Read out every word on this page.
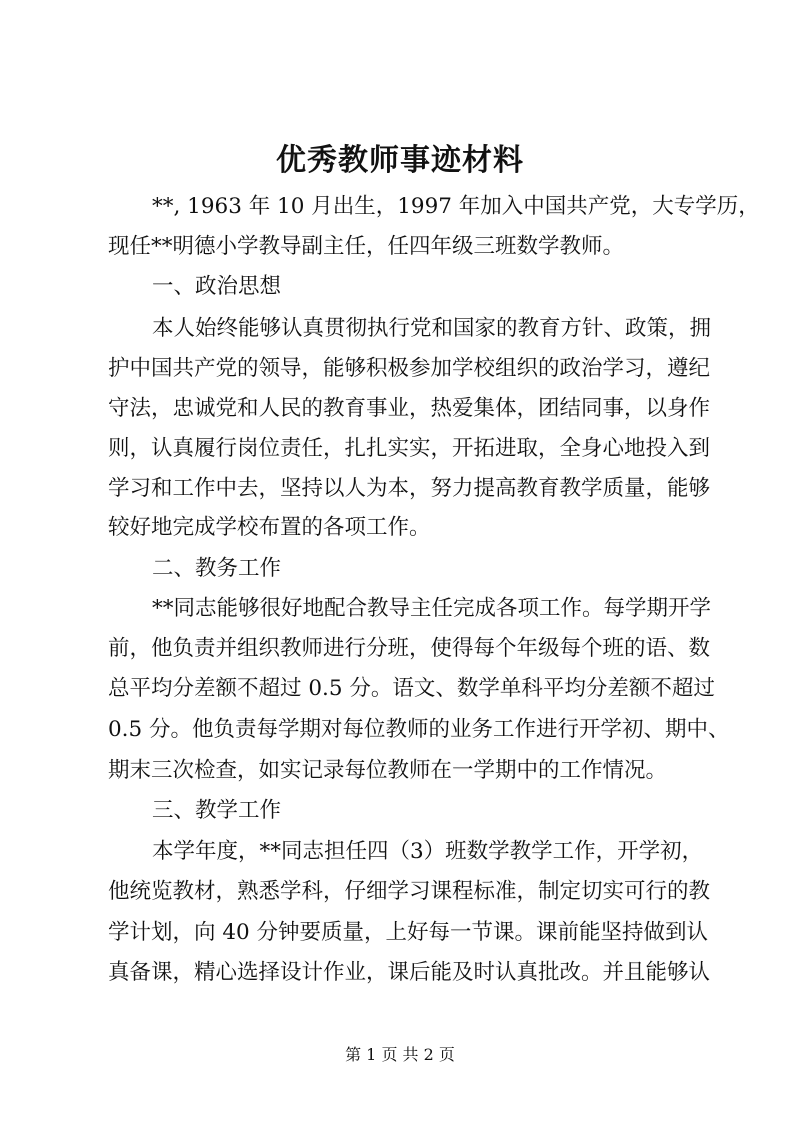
优秀教师事迹材料
**, 1963 年 10 月出生，1997 年加入中国共产党，大专学历，
现任**明德小学教导副主任，任四年级三班数学教师。
一、政治思想
本人始终能够认真贯彻执行党和国家的教育方针、政策，拥
护中国共产党的领导，能够积极参加学校组织的政治学习，遵纪
守法，忠诚党和人民的教育事业，热爱集体，团结同事，以身作
则，认真履行岗位责任，扎扎实实，开拓进取，全身心地投入到
学习和工作中去，坚持以人为本，努力提高教育教学质量，能够
较好地完成学校布置的各项工作。
二、教务工作
**同志能够很好地配合教导主任完成各项工作。每学期开学
前，他负责并组织教师进行分班，使得每个年级每个班的语、数
总平均分差额不超过 0.5 分。语文、数学单科平均分差额不超过
0.5 分。他负责每学期对每位教师的业务工作进行开学初、期中、
期末三次检查，如实记录每位教师在一学期中的工作情况。
三、教学工作
本学年度，**同志担任四（3）班数学教学工作，开学初，
他统览教材，熟悉学科，仔细学习课程标准，制定切实可行的教
学计划，向 40 分钟要质量，上好每一节课。课前能坚持做到认
真备课，精心选择设计作业，课后能及时认真批改。并且能够认
第 1 页 共 2 页
